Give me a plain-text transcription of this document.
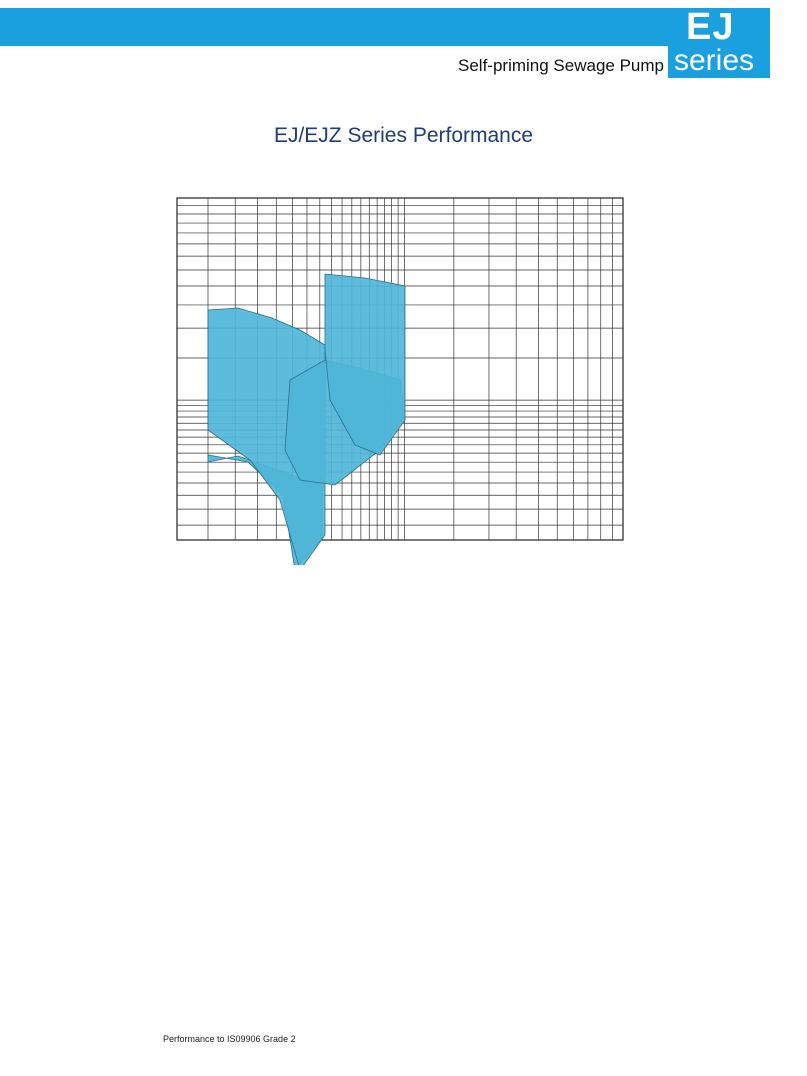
EJ
series
Self-priming Sewage Pump
EJ/EJZ Series Performance
Performance to IS09906 Grade 2
